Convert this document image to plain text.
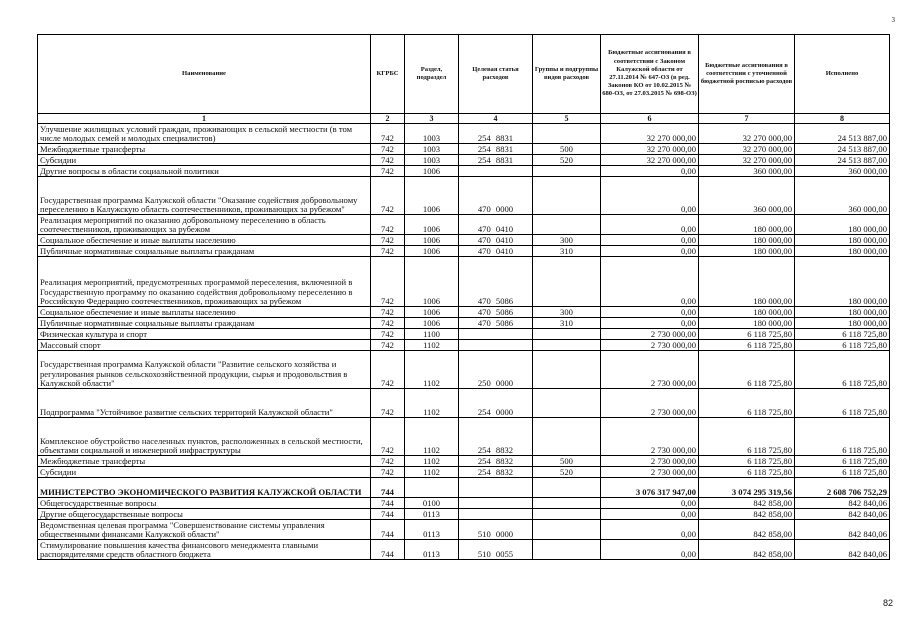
3
Наименование	КГРБС	Раздел, подраздел	Целевая статья расходов	Группы и подгруппы видов расходов	Бюджетные ассигнования в соответствии с Законом Калужской области от 27.11.2014 № 647-ОЗ (в ред. Законов КО от 10.02.2015 № 680-ОЗ, от 27.03.2015 № 698-ОЗ)	Бюджетные ассигнования в соответствии с уточненной бюджетной росписью расходов	Исполнено
1	2	3	4	5	6	7	8
Улучшение жилищных условий граждан, проживающих в сельской местности (в том числе молодых семей и молодых специалистов)	742	1003	254 8831		32 270 000,00	32 270 000,00	24 513 887,00
Межбюджетные трансферты	742	1003	254 8831	500	32 270 000,00	32 270 000,00	24 513 887,00
Субсидии	742	1003	254 8831	520	32 270 000,00	32 270 000,00	24 513 887,00
Другие вопросы в области социальной политики	742	1006			0,00	360 000,00	360 000,00
Государственная программа Калужской области "Оказание содействия добровольному переселению в Калужскую область соотечественников, проживающих за рубежом"	742	1006	470 0000		0,00	360 000,00	360 000,00
Реализация мероприятий по оказанию добровольному переселению в область соотечественников, проживающих за рубежом	742	1006	470 0410		0,00	180 000,00	180 000,00
Социальное обеспечение и иные выплаты населению	742	1006	470 0410	300	0,00	180 000,00	180 000,00
Публичные нормативные социальные выплаты гражданам	742	1006	470 0410	310	0,00	180 000,00	180 000,00
Реализация мероприятий, предусмотренных программой переселения, включенной в Государственную программу по оказанию содействия добровольному переселению в Российскую Федерацию соотечественников, проживающих за рубежом	742	1006	470 5086		0,00	180 000,00	180 000,00
Социальное обеспечение и иные выплаты населению	742	1006	470 5086	300	0,00	180 000,00	180 000,00
Публичные нормативные социальные выплаты гражданам	742	1006	470 5086	310	0,00	180 000,00	180 000,00
Физическая культура и спорт	742	1100			2 730 000,00	6 118 725,80	6 118 725,80
Массовый спорт	742	1102			2 730 000,00	6 118 725,80	6 118 725,80
Государственная программа Калужской области "Развитие сельского хозяйства и регулирования рынков сельскохозяйственной продукции, сырья и продовольствия в Калужской области"	742	1102	250 0000		2 730 000,00	6 118 725,80	6 118 725,80
Подпрограмма "Устойчивое развитие сельских территорий Калужской области"	742	1102	254 0000		2 730 000,00	6 118 725,80	6 118 725,80
Комплексное обустройство населенных пунктов, расположенных в сельской местности, объектами социальной и инженерной инфраструктуры	742	1102	254 8832		2 730 000,00	6 118 725,80	6 118 725,80
Межбюджетные трансферты	742	1102	254 8832	500	2 730 000,00	6 118 725,80	6 118 725,80
Субсидии	742	1102	254 8832	520	2 730 000,00	6 118 725,80	6 118 725,80
МИНИСТЕРСТВО ЭКОНОМИЧЕСКОГО РАЗВИТИЯ КАЛУЖСКОЙ ОБЛАСТИ	744				3 076 317 947,00	3 074 295 319,56	2 608 706 752,29
Общегосударственные вопросы	744	0100			0,00	842 858,00	842 840,06
Другие общегосударственные вопросы	744	0113			0,00	842 858,00	842 840,06
Ведомственная целевая программа "Совершенствование системы управления общественными финансами Калужской области"	744	0113	510 0000		0,00	842 858,00	842 840,06
Стимулирование повышения качества финансового менеджмента главными распорядителями средств областного бюджета	744	0113	510 0055		0,00	842 858,00	842 840,06
82
